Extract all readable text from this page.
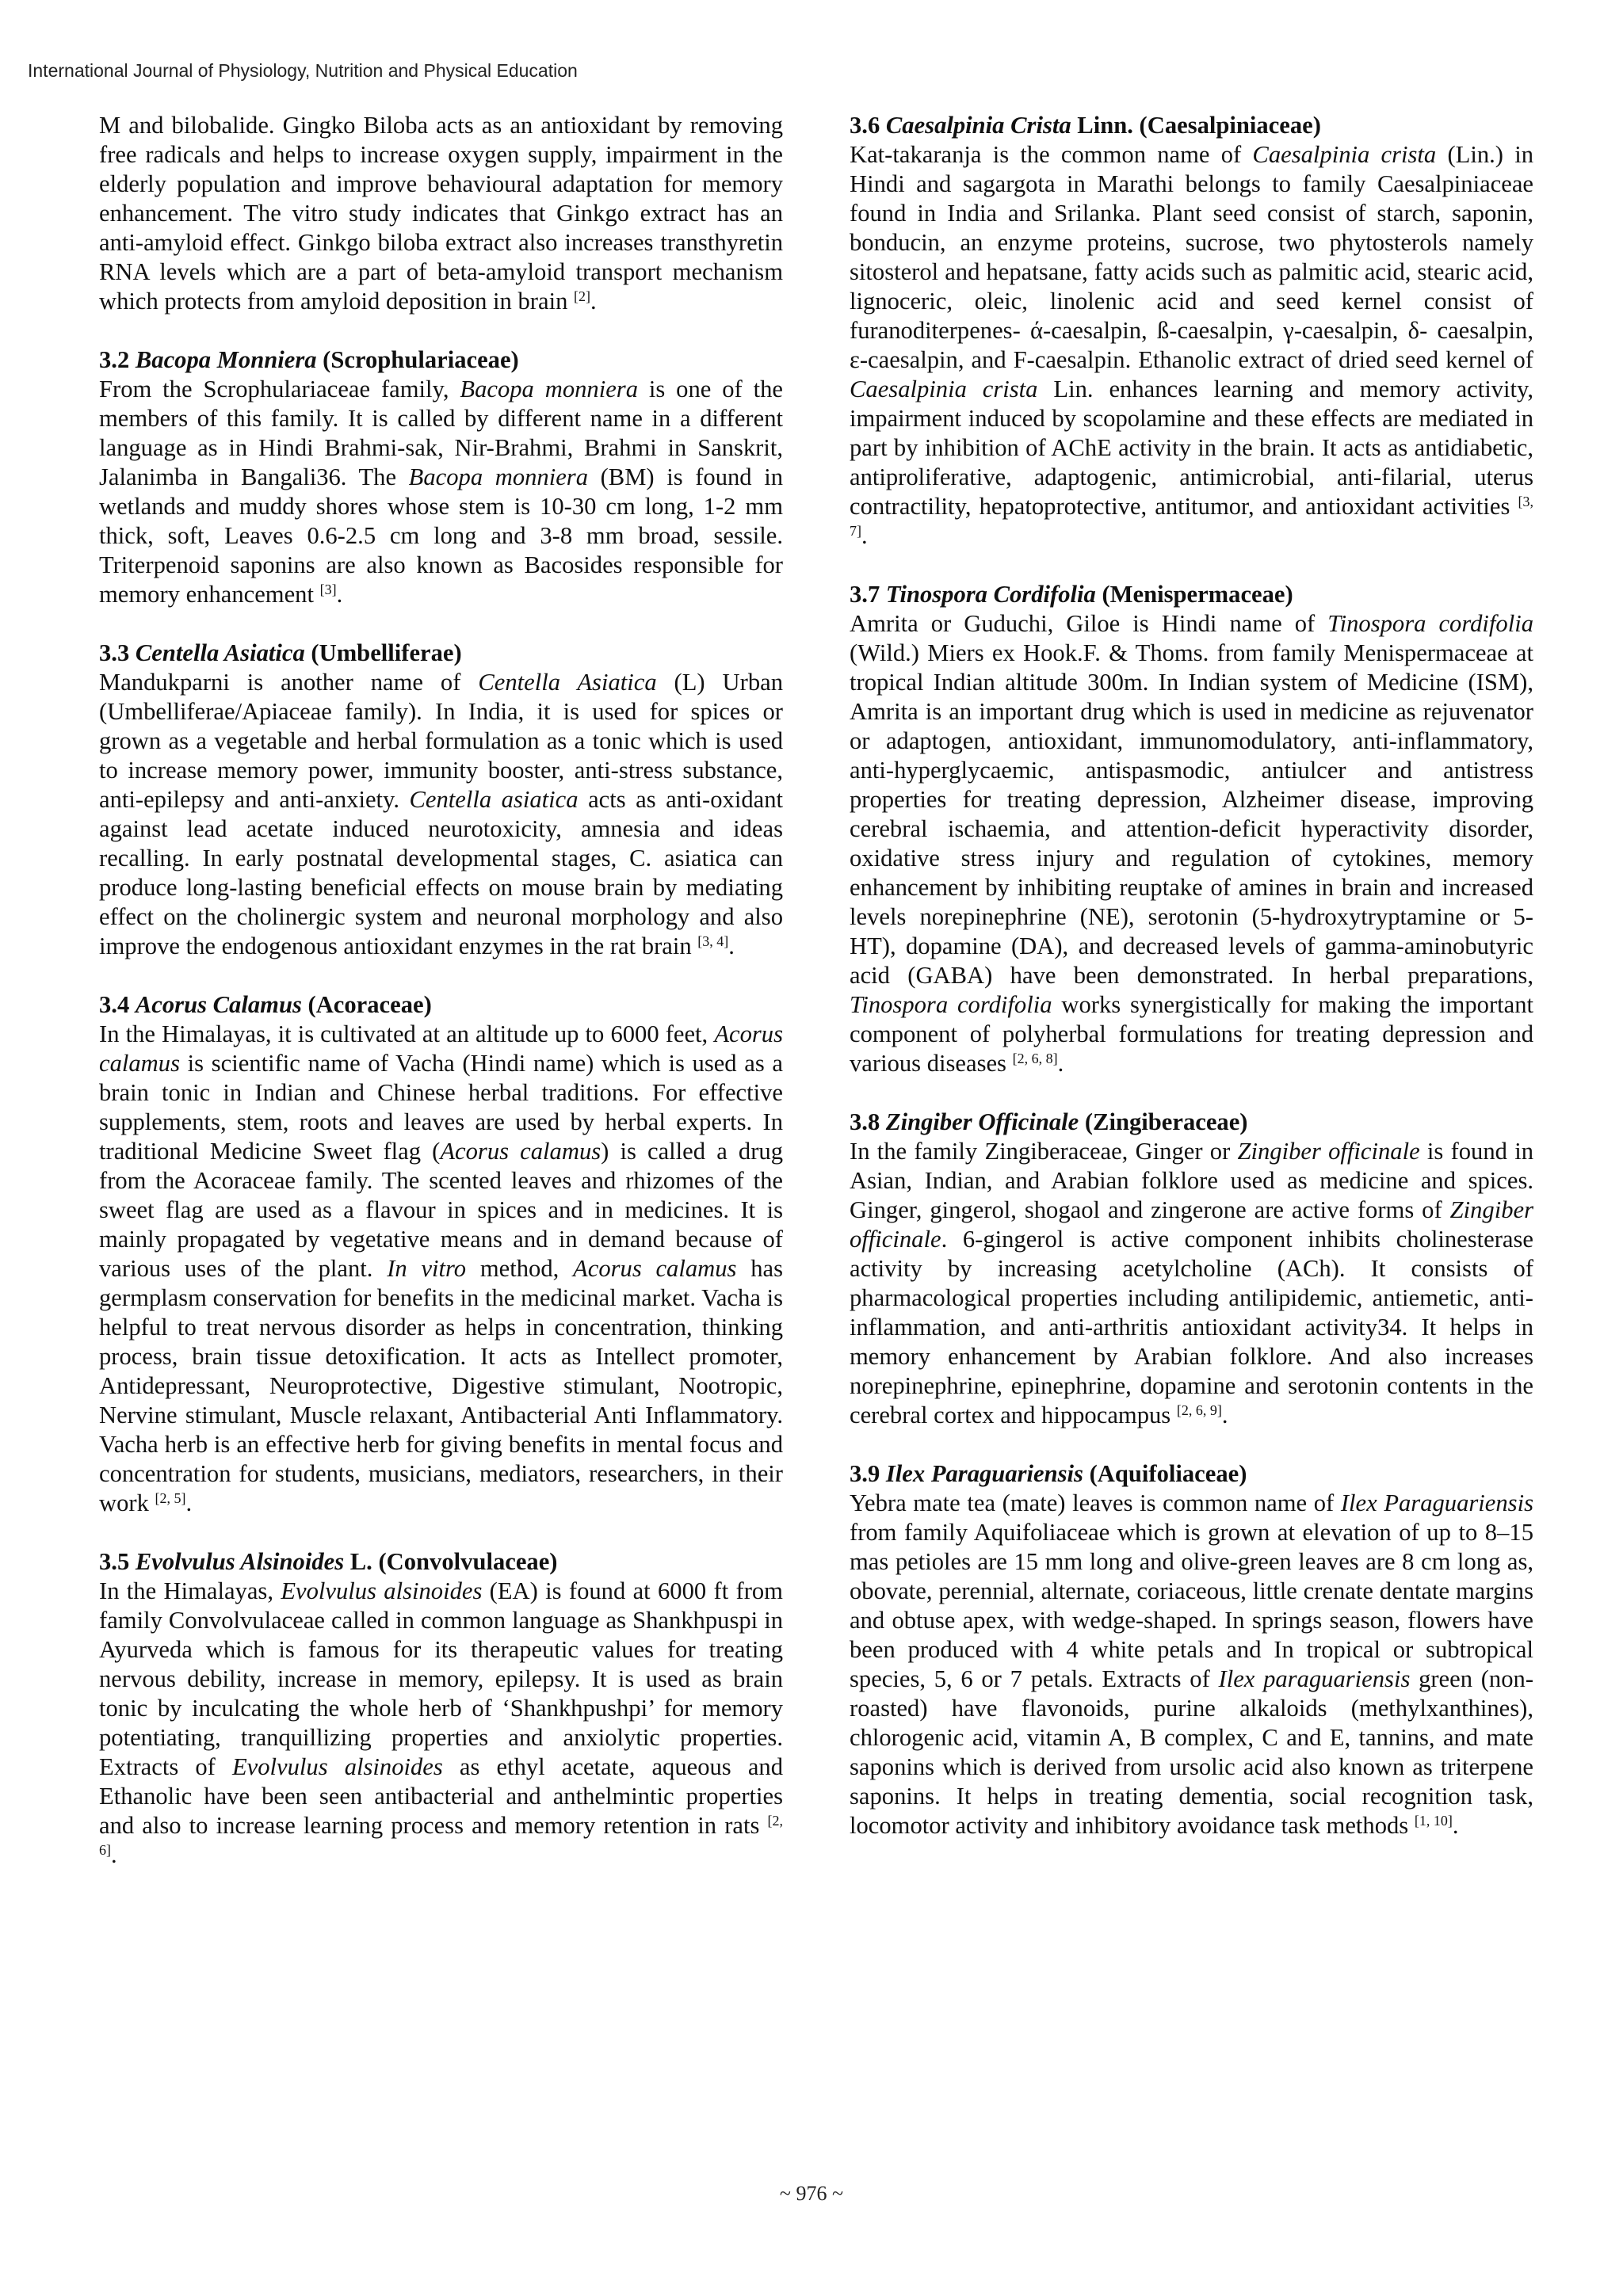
International Journal of Physiology, Nutrition and Physical Education

M and bilobalide. Gingko Biloba acts as an antioxidant by removing free radicals and helps to increase oxygen supply, impairment in the elderly population and improve behavioural adaptation for memory enhancement. The vitro study indicates that Ginkgo extract has an anti-amyloid effect. Ginkgo biloba extract also increases transthyretin RNA levels which are a part of beta-amyloid transport mechanism which protects from amyloid deposition in brain [2].

3.2 Bacopa Monniera (Scrophulariaceae)

From the Scrophulariaceae family, Bacopa monniera is one of the members of this family. It is called by different name in a different language as in Hindi Brahmi-sak, Nir-Brahmi, Brahmi in Sanskrit, Jalanimba in Bangali36. The Bacopa monniera (BM) is found in wetlands and muddy shores whose stem is 10-30 cm long, 1-2 mm thick, soft, Leaves 0.6-2.5 cm long and 3-8 mm broad, sessile. Triterpenoid saponins are also known as Bacosides responsible for memory enhancement [3].

3.3 Centella Asiatica (Umbelliferae)

Mandukparni is another name of Centella Asiatica (L) Urban (Umbelliferae/Apiaceae family). In India, it is used for spices or grown as a vegetable and herbal formulation as a tonic which is used to increase memory power, immunity booster, anti-stress substance, anti-epilepsy and anti-anxiety. Centella asiatica acts as anti-oxidant against lead acetate induced neurotoxicity, amnesia and ideas recalling. In early postnatal developmental stages, C. asiatica can produce long-lasting beneficial effects on mouse brain by mediating effect on the cholinergic system and neuronal morphology and also improve the endogenous antioxidant enzymes in the rat brain [3, 4].

3.4 Acorus Calamus (Acoraceae)

In the Himalayas, it is cultivated at an altitude up to 6000 feet, Acorus calamus is scientific name of Vacha (Hindi name) which is used as a brain tonic in Indian and Chinese herbal traditions. For effective supplements, stem, roots and leaves are used by herbal experts. In traditional Medicine Sweet flag (Acorus calamus) is called a drug from the Acoraceae family. The scented leaves and rhizomes of the sweet flag are used as a flavour in spices and in medicines. It is mainly propagated by vegetative means and in demand because of various uses of the plant. In vitro method, Acorus calamus has germplasm conservation for benefits in the medicinal market. Vacha is helpful to treat nervous disorder as helps in concentration, thinking process, brain tissue detoxification. It acts as Intellect promoter, Antidepressant, Neuroprotective, Digestive stimulant, Nootropic, Nervine stimulant, Muscle relaxant, Antibacterial Anti Inflammatory. Vacha herb is an effective herb for giving benefits in mental focus and concentration for students, musicians, mediators, researchers, in their work [2, 5].

3.5 Evolvulus Alsinoides L. (Convolvulaceae)

In the Himalayas, Evolvulus alsinoides (EA) is found at 6000 ft from family Convolvulaceae called in common language as Shankhpuspi in Ayurveda which is famous for its therapeutic values for treating nervous debility, increase in memory, epilepsy. It is used as brain tonic by inculcating the whole herb of ‘Shankhpushpi’ for memory potentiating, tranquillizing properties and anxiolytic properties. Extracts of Evolvulus alsinoides as ethyl acetate, aqueous and Ethanolic have been seen antibacterial and anthelmintic properties and also to increase learning process and memory retention in rats [2, 6].

3.6 Caesalpinia Crista Linn. (Caesalpiniaceae)

Kat-takaranja is the common name of Caesalpinia crista (Lin.) in Hindi and sagargota in Marathi belongs to family Caesalpiniaceae found in India and Srilanka. Plant seed consist of starch, saponin, bonducin, an enzyme proteins, sucrose, two phytosterols namely sitosterol and hepatsane, fatty acids such as palmitic acid, stearic acid, lignoceric, oleic, linolenic acid and seed kernel consist of furanoditerpenes- ά-caesalpin, ß-caesalpin, γ-caesalpin, δ- caesalpin, ε-caesalpin, and F-caesalpin. Ethanolic extract of dried seed kernel of Caesalpinia crista Lin. enhances learning and memory activity, impairment induced by scopolamine and these effects are mediated in part by inhibition of AChE activity in the brain. It acts as antidiabetic, antiproliferative, adaptogenic, antimicrobial, anti-filarial, uterus contractility, hepatoprotective, antitumor, and antioxidant activities [3, 7].

3.7 Tinospora Cordifolia (Menispermaceae)

Amrita or Guduchi, Giloe is Hindi name of Tinospora cordifolia (Wild.) Miers ex Hook.F. & Thoms. from family Menispermaceae at tropical Indian altitude 300m. In Indian system of Medicine (ISM), Amrita is an important drug which is used in medicine as rejuvenator or adaptogen, antioxidant, immunomodulatory, anti-inflammatory, anti-hyperglycaemic, antispasmodic, antiulcer and antistress properties for treating depression, Alzheimer disease, improving cerebral ischaemia, and attention-deficit hyperactivity disorder, oxidative stress injury and regulation of cytokines, memory enhancement by inhibiting reuptake of amines in brain and increased levels norepinephrine (NE), serotonin (5-hydroxytryptamine or 5-HT), dopamine (DA), and decreased levels of gamma-aminobutyric acid (GABA) have been demonstrated. In herbal preparations, Tinospora cordifolia works synergistically for making the important component of polyherbal formulations for treating depression and various diseases [2, 6, 8].

3.8 Zingiber Officinale (Zingiberaceae)

In the family Zingiberaceae, Ginger or Zingiber officinale is found in Asian, Indian, and Arabian folklore used as medicine and spices. Ginger, gingerol, shogaol and zingerone are active forms of Zingiber officinale. 6-gingerol is active component inhibits cholinesterase activity by increasing acetylcholine (ACh). It consists of pharmacological properties including antilipidemic, antiemetic, anti-inflammation, and anti-arthritis antioxidant activity34. It helps in memory enhancement by Arabian folklore. And also increases norepinephrine, epinephrine, dopamine and serotonin contents in the cerebral cortex and hippocampus [2, 6, 9].

3.9 Ilex Paraguariensis (Aquifoliaceae)

Yebra mate tea (mate) leaves is common name of Ilex Paraguariensis from family Aquifoliaceae which is grown at elevation of up to 8–15 mas petioles are 15 mm long and olive-green leaves are 8 cm long as, obovate, perennial, alternate, coriaceous, little crenate dentate margins and obtuse apex, with wedge-shaped. In springs season, flowers have been produced with 4 white petals and In tropical or subtropical species, 5, 6 or 7 petals. Extracts of Ilex paraguariensis green (non-roasted) have flavonoids, purine alkaloids (methylxanthines), chlorogenic acid, vitamin A, B complex, C and E, tannins, and mate saponins which is derived from ursolic acid also known as triterpene saponins. It helps in treating dementia, social recognition task, locomotor activity and inhibitory avoidance task methods [1, 10].

~ 976 ~
